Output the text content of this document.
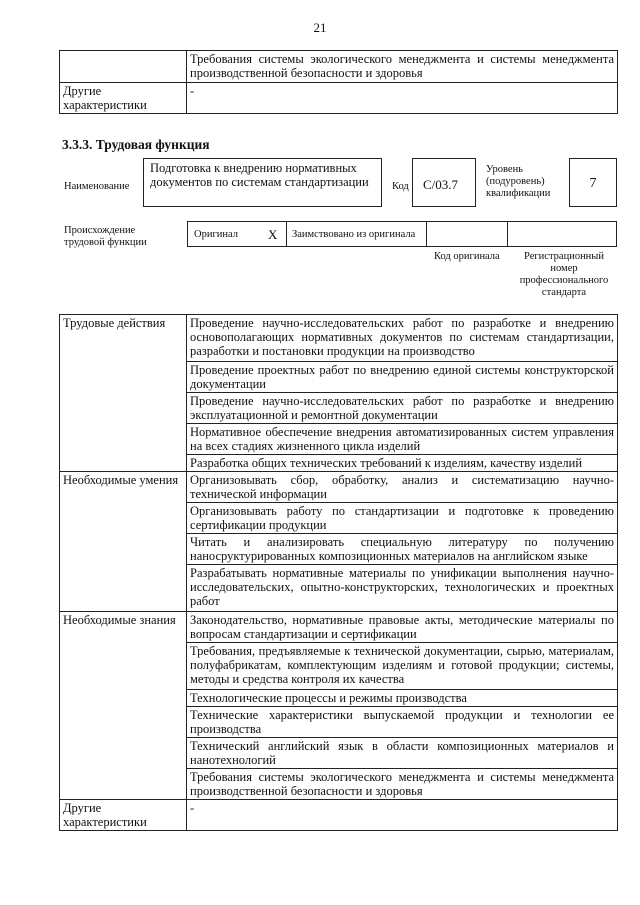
21
	Требования системы экологического менеджмента и системы менеджмента производственной безопасности и здоровья
Другие характеристики	-
3.3.3. Трудовая функция
Наименование
Подготовка к внедрению нормативных документов по системам стандартизации	Код	C/03.7
Уровень (подуровень) квалификации
7
Происхождение трудовой функции
Оригинал X Заимствовано из оригинала
Код оригинала	Регистрационный номер профессионального стандарта
Трудовые действия	Проведение научно-исследовательских работ по разработке и внедрению основополагающих нормативных документов по системам стандартизации, разработки и постановки продукции на производство
	Проведение проектных работ по внедрению единой системы конструкторской документации
	Проведение научно-исследовательских работ по разработке и внедрению эксплуатационной и ремонтной документации
	Нормативное обеспечение внедрения автоматизированных систем управления на всех стадиях жизненного цикла изделий
	Разработка общих технических требований к изделиям, качеству изделий
Необходимые умения	Организовывать сбор, обработку, анализ и систематизацию научно-технической информации
	Организовывать работу по стандартизации и подготовке к проведению сертификации продукции
	Читать и анализировать специальную литературу по получению наносруктурированных композиционных материалов на английском языке
	Разрабатывать нормативные материалы по унификации выполнения научно-исследовательских, опытно-конструкторских, технологических и проектных работ
Необходимые знания	Законодательство, нормативные правовые акты, методические материалы по вопросам стандартизации и сертификации
	Требования, предъявляемые к технической документации, сырью, материалам, полуфабрикатам, комплектующим изделиям и готовой продукции; системы, методы и средства контроля их качества
	Технологические процессы и режимы производства
	Технические характеристики выпускаемой продукции и технологии ее производства
	Технический английский язык в области композиционных материалов и нанотехнологий
	Требования системы экологического менеджмента и системы менеджмента производственной безопасности и здоровья
Другие характеристики	-
